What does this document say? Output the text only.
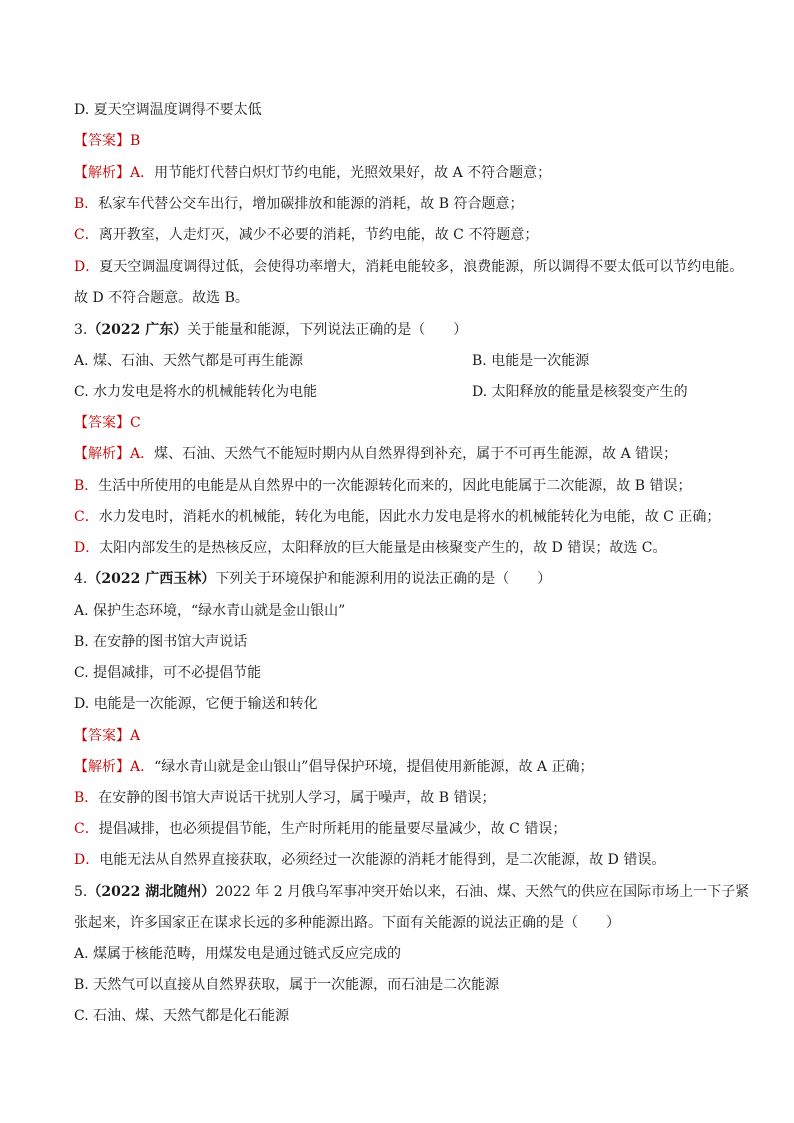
D. 夏天空调温度调得不要太低
【答案】B
【解析】A．用节能灯代替白炽灯节约电能，光照效果好，故 A 不符合题意；
B．私家车代替公交车出行，增加碳排放和能源的消耗，故 B 符合题意；
C．离开教室，人走灯灭，减少不必要的消耗，节约电能，故 C 不符题意；
D．夏天空调温度调得过低，会使得功率增大，消耗电能较多，浪费能源，所以调得不要太低可以节约电能。
故 D 不符合题意。故选 B。
3.（2022 广东）关于能量和能源，下列说法正确的是（　　）
A. 煤、石油、天然气都是可再生能源	B. 电能是一次能源
C. 水力发电是将水的机械能转化为电能	D. 太阳释放的能量是核裂变产生的
【答案】C
【解析】A．煤、石油、天然气不能短时期内从自然界得到补充，属于不可再生能源，故 A 错误；
B．生活中所使用的电能是从自然界中的一次能源转化而来的，因此电能属于二次能源，故 B 错误；
C．水力发电时，消耗水的机械能，转化为电能，因此水力发电是将水的机械能转化为电能，故 C 正确；
D．太阳内部发生的是热核反应，太阳释放的巨大能量是由核聚变产生的，故 D 错误；故选 C。
4.（2022 广西玉林）下列关于环境保护和能源利用的说法正确的是（　　）
A. 保护生态环境，“绿水青山就是金山银山”
B. 在安静的图书馆大声说话
C. 提倡减排，可不必提倡节能
D. 电能是一次能源，它便于输送和转化
【答案】A
【解析】A．“绿水青山就是金山银山”倡导保护环境，提倡使用新能源，故 A 正确；
B．在安静的图书馆大声说话干扰别人学习，属于噪声，故 B 错误；
C．提倡减排，也必须提倡节能，生产时所耗用的能量要尽量减少，故 C 错误；
D．电能无法从自然界直接获取，必须经过一次能源的消耗才能得到，是二次能源，故 D 错误。
5.（2022 湖北随州）2022 年 2 月俄乌军事冲突开始以来，石油、煤、天然气的供应在国际市场上一下子紧
张起来，许多国家正在谋求长远的多种能源出路。下面有关能源的说法正确的是（　　）
A. 煤属于核能范畴，用煤发电是通过链式反应完成的
B. 天然气可以直接从自然界获取，属于一次能源，而石油是二次能源
C. 石油、煤、天然气都是化石能源
